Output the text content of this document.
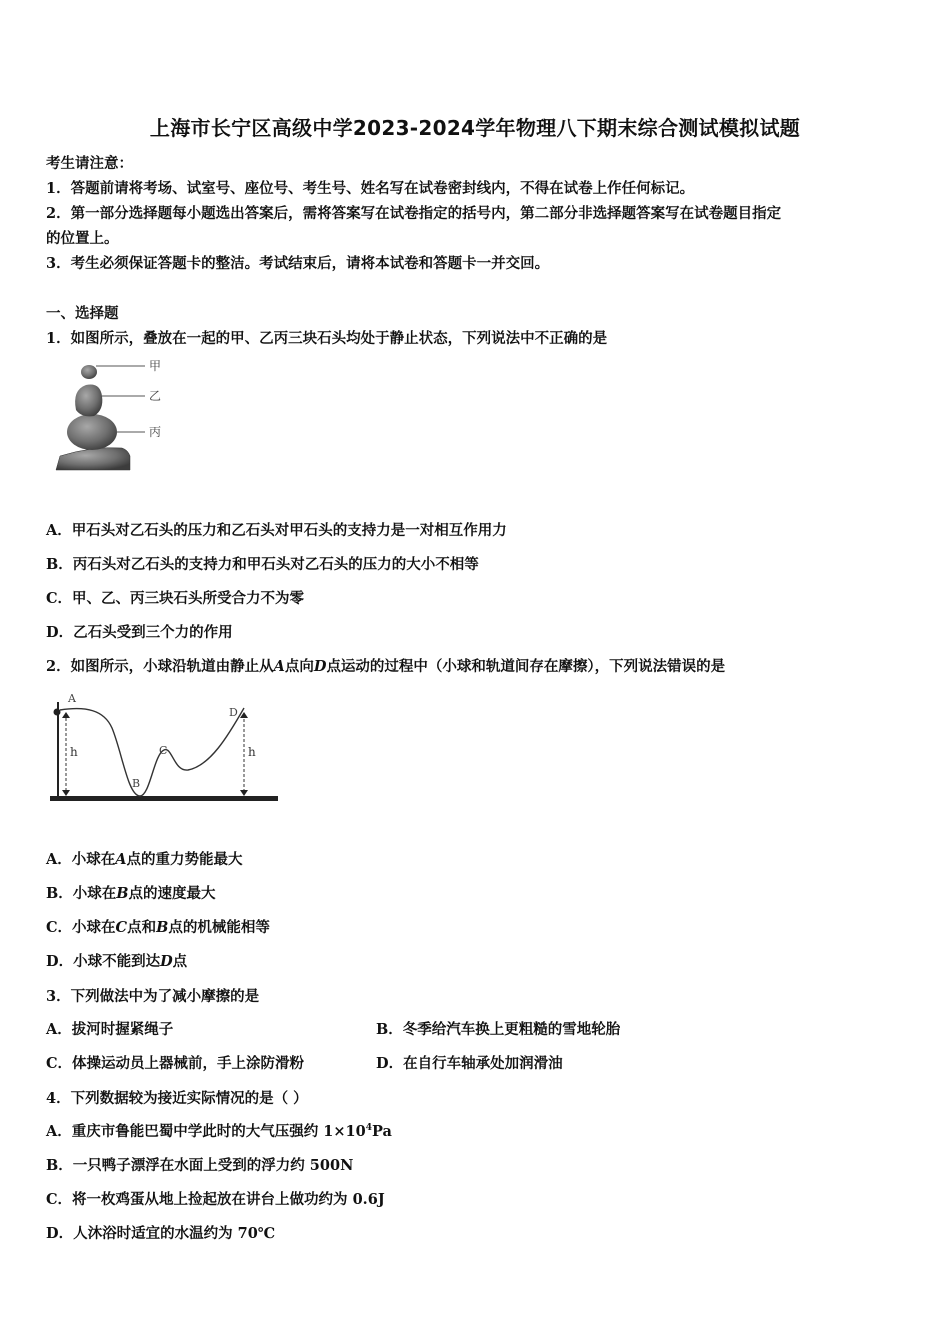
上海市长宁区高级中学2023-2024学年物理八下期末综合测试模拟试题
考生请注意：
1．答题前请将考场、试室号、座位号、考生号、姓名写在试卷密封线内，不得在试卷上作任何标记。
2．第一部分选择题每小题选出答案后，需将答案写在试卷指定的括号内，第二部分非选择题答案写在试卷题目指定
的位置上。
3．考生必须保证答题卡的整洁。考试结束后，请将本试卷和答题卡一并交回。
一、选择题
1．如图所示，叠放在一起的甲、乙丙三块石头均处于静止状态，下列说法中不正确的是
甲
乙
丙
A．甲石头对乙石头的压力和乙石头对甲石头的支持力是一对相互作用力
B．丙石头对乙石头的支持力和甲石头对乙石头的压力的大小不相等
C．甲、乙、丙三块石头所受合力不为零
D．乙石头受到三个力的作用
2．如图所示，小球沿轨道由静止从A点向D点运动的过程中（小球和轨道间存在摩擦），下列说法错误的是
A
B
C
D
h	h
A．小球在A点的重力势能最大
B．小球在B点的速度最大
C．小球在C点和B点的机械能相等
D．小球不能到达D点
3．下列做法中为了减小摩擦的是
A．拔河时握紧绳子	B．冬季给汽车换上更粗糙的雪地轮胎
C．体操运动员上器械前，手上涂防滑粉	D．在自行车轴承处加润滑油
4．下列数据较为接近实际情况的是（ ）
A．重庆市鲁能巴蜀中学此时的大气压强约 $1\times 10^4Pa$
B．一只鸭子漂浮在水面上受到的浮力约 500N
C．将一枚鸡蛋从地上捡起放在讲台上做功约为 0.6J
D．人沐浴时适宜的水温约为 70℃
